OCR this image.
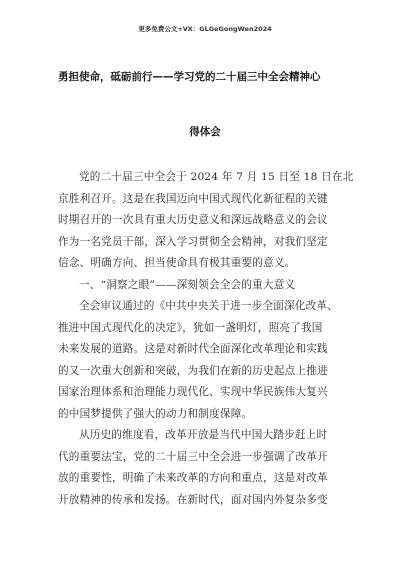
更多免费公文+VX：GLGeGongWen2024
勇担使命，砥砺前行——学习党的二十届三中全会精神心
得体会
党的二十届三中全会于 2024 年 7 月 15 日至 18 日在北
京胜利召开。这是在我国迈向中国式现代化新征程的关键
时期召开的一次具有重大历史意义和深远战略意义的会议
作为一名党员干部，深入学习贯彻全会精神，对我们坚定
信念、明确方向、担当使命具有极其重要的意义。
一、“洞察之眼”——深刻领会全会的重大意义
全会审议通过的《中共中央关于进一步全面深化改革、
推进中国式现代化的决定》，犹如一盏明灯，照亮了我国
未来发展的道路。这是对新时代全面深化改革理论和实践
的又一次重大创新和突破，为我们在新的历史起点上推进
国家治理体系和治理能力现代化、实现中华民族伟大复兴
的中国梦提供了强大的动力和制度保障。
从历史的维度看，改革开放是当代中国大踏步赶上时
代的重要法宝，党的二十届三中全会进一步强调了改革开
放的重要性，明确了未来改革的方向和重点，这是对改革
开放精神的传承和发扬。在新时代，面对国内外复杂多变
